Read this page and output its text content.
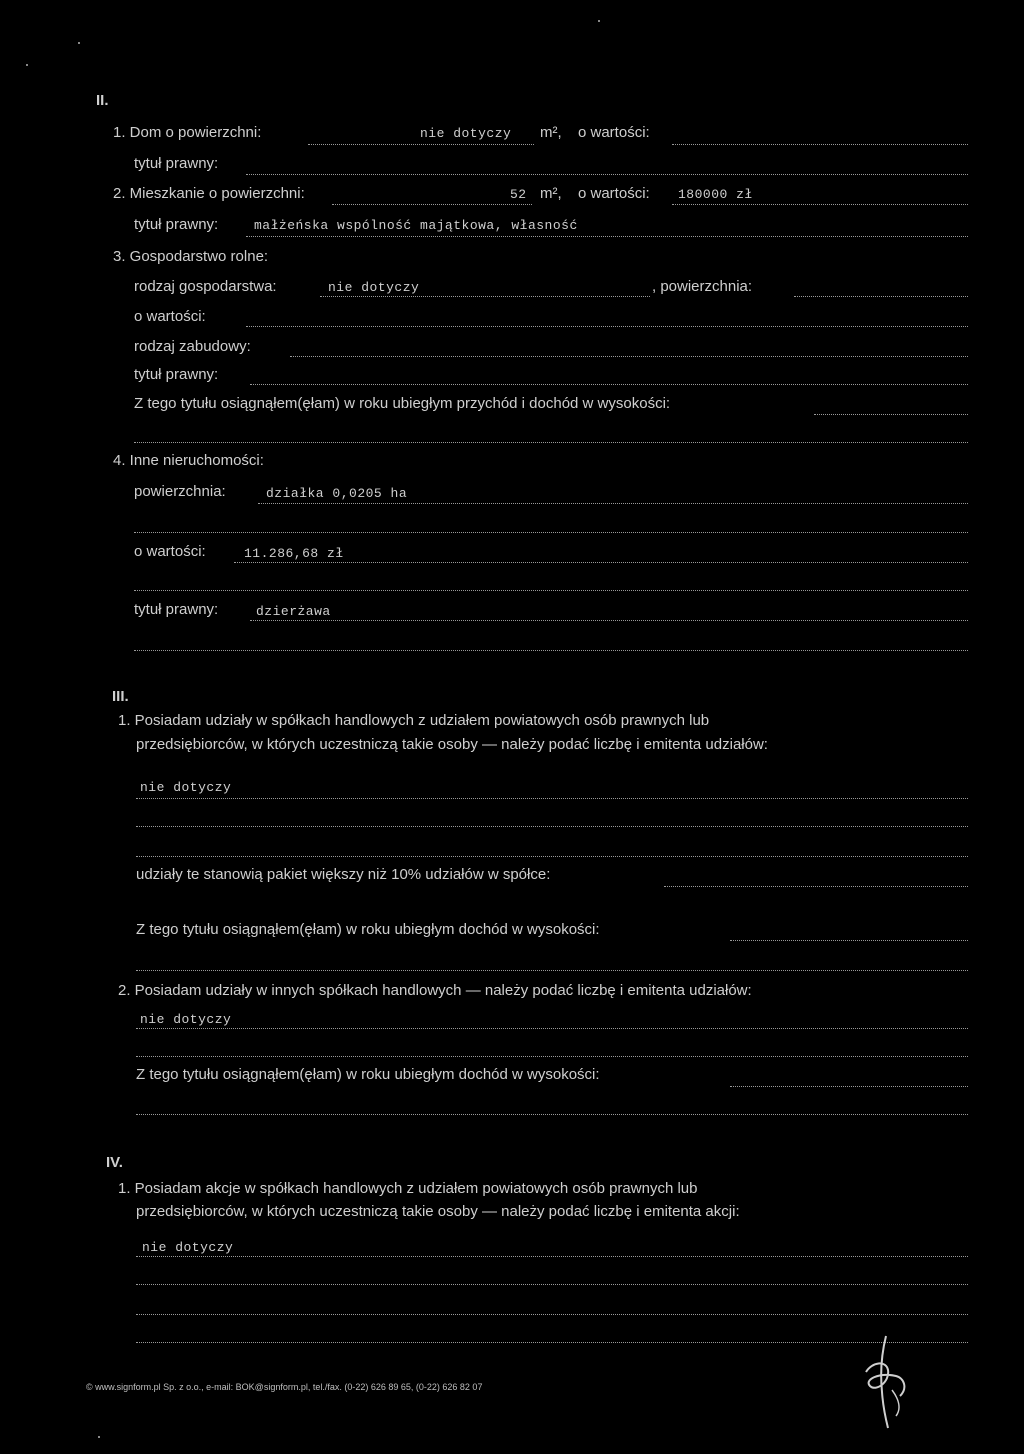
II.
1. Dom o powierzchni:	nie dotyczy m², o wartości:
tytuł prawny:
2. Mieszkanie o powierzchni:	52 m², o wartości: 180000 zł
tytuł prawny:	małżeńska wspólność majątkowa, własność
3. Gospodarstwo rolne:
rodzaj gospodarstwa:	nie dotyczy	, powierzchnia:
o wartości:
rodzaj zabudowy:
tytuł prawny:
Z tego tytułu osiągnąłem(ęłam) w roku ubiegłym przychód i dochód w wysokości:
4. Inne nieruchomości:
powierzchnia:	działka 0,0205 ha
o wartości:	11.286,68 zł
tytuł prawny:	dzierżawa
III.
1. Posiadam udziały w spółkach handlowych z udziałem powiatowych osób prawnych lub
przedsiębiorców, w których uczestniczą takie osoby — należy podać liczbę i emitenta udziałów:
nie dotyczy
udziały te stanowią pakiet większy niż 10% udziałów w spółce:
Z tego tytułu osiągnąłem(ęłam) w roku ubiegłym dochód w wysokości:
2. Posiadam udziały w innych spółkach handlowych — należy podać liczbę i emitenta udziałów:
nie dotyczy
Z tego tytułu osiągnąłem(ęłam) w roku ubiegłym dochód w wysokości:
IV.
1. Posiadam akcje w spółkach handlowych z udziałem powiatowych osób prawnych lub
przedsiębiorców, w których uczestniczą takie osoby — należy podać liczbę i emitenta akcji:
nie dotyczy
© www.signform.pl Sp. z o.o., e-mail: BOK@signform.pl, tel./fax. (0-22) 626 89 65, (0-22) 626 82 07
